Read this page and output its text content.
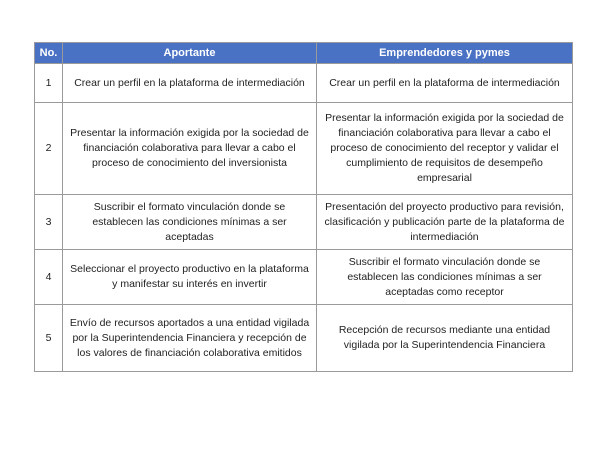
No.	Aportante	Emprendedores y pymes
1	Crear un perfil en la plataforma de intermediación	Crear un perfil en la plataforma de intermediación
2	Presentar la información exigida por la sociedad de financiación colaborativa para llevar a cabo el proceso de conocimiento del inversionista	Presentar la información exigida por la sociedad de financiación colaborativa para llevar a cabo el proceso de conocimiento del receptor y validar el cumplimiento de requisitos de desempeño empresarial
3	Suscribir el formato vinculación donde se establecen las condiciones mínimas a ser aceptadas	Presentación del proyecto productivo para revisión, clasificación y publicación parte de la plataforma de intermediación
4	Seleccionar el proyecto productivo en la plataforma y manifestar su interés en invertir	Suscribir el formato vinculación donde se establecen las condiciones mínimas a ser aceptadas como receptor
5	Envío de recursos aportados a una entidad vigilada por la Superintendencia Financiera y recepción de los valores de financiación colaborativa emitidos	Recepción de recursos mediante una entidad vigilada por la Superintendencia Financiera
